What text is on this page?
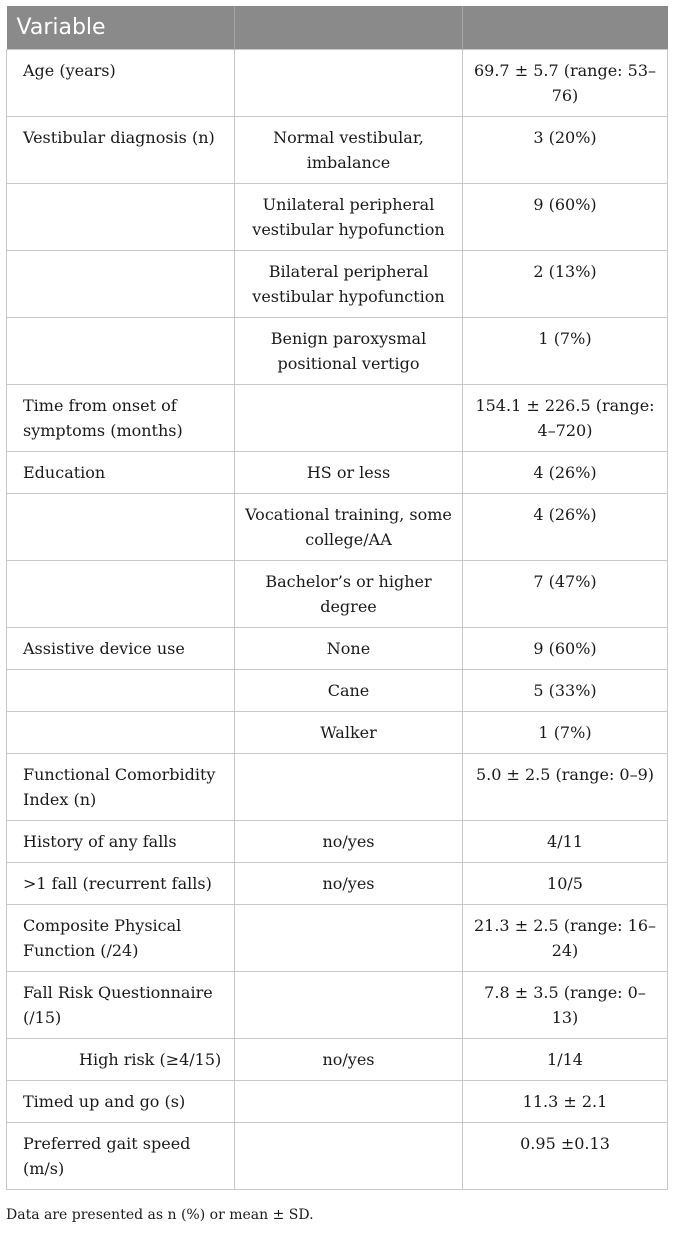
Variable		
Age (years)		69.7 ± 5.7 (range: 53–76)
Vestibular diagnosis (n)	Normal vestibular, imbalance	3 (20%)
	Unilateral peripheral vestibular hypofunction	9 (60%)
	Bilateral peripheral vestibular hypofunction	2 (13%)
	Benign paroxysmal positional vertigo	1 (7%)
Time from onset of symptoms (months)		154.1 ± 226.5 (range: 4–720)
Education	HS or less	4 (26%)
	Vocational training, some college/AA	4 (26%)
	Bachelor’s or higher degree	7 (47%)
Assistive device use	None	9 (60%)
	Cane	5 (33%)
	Walker	1 (7%)
Functional Comorbidity Index (n)		5.0 ± 2.5 (range: 0–9)
History of any falls	no/yes	4/11
>1 fall (recurrent falls)	no/yes	10/5
Composite Physical Function (/24)		21.3 ± 2.5 (range: 16–24)
Fall Risk Questionnaire (/15)		7.8 ± 3.5 (range: 0–13)
High risk (≥4/15)	no/yes	1/14
Timed up and go (s)		11.3 ± 2.1
Preferred gait speed (m/s)		0.95 ±0.13
Data are presented as n (%) or mean ± SD.
